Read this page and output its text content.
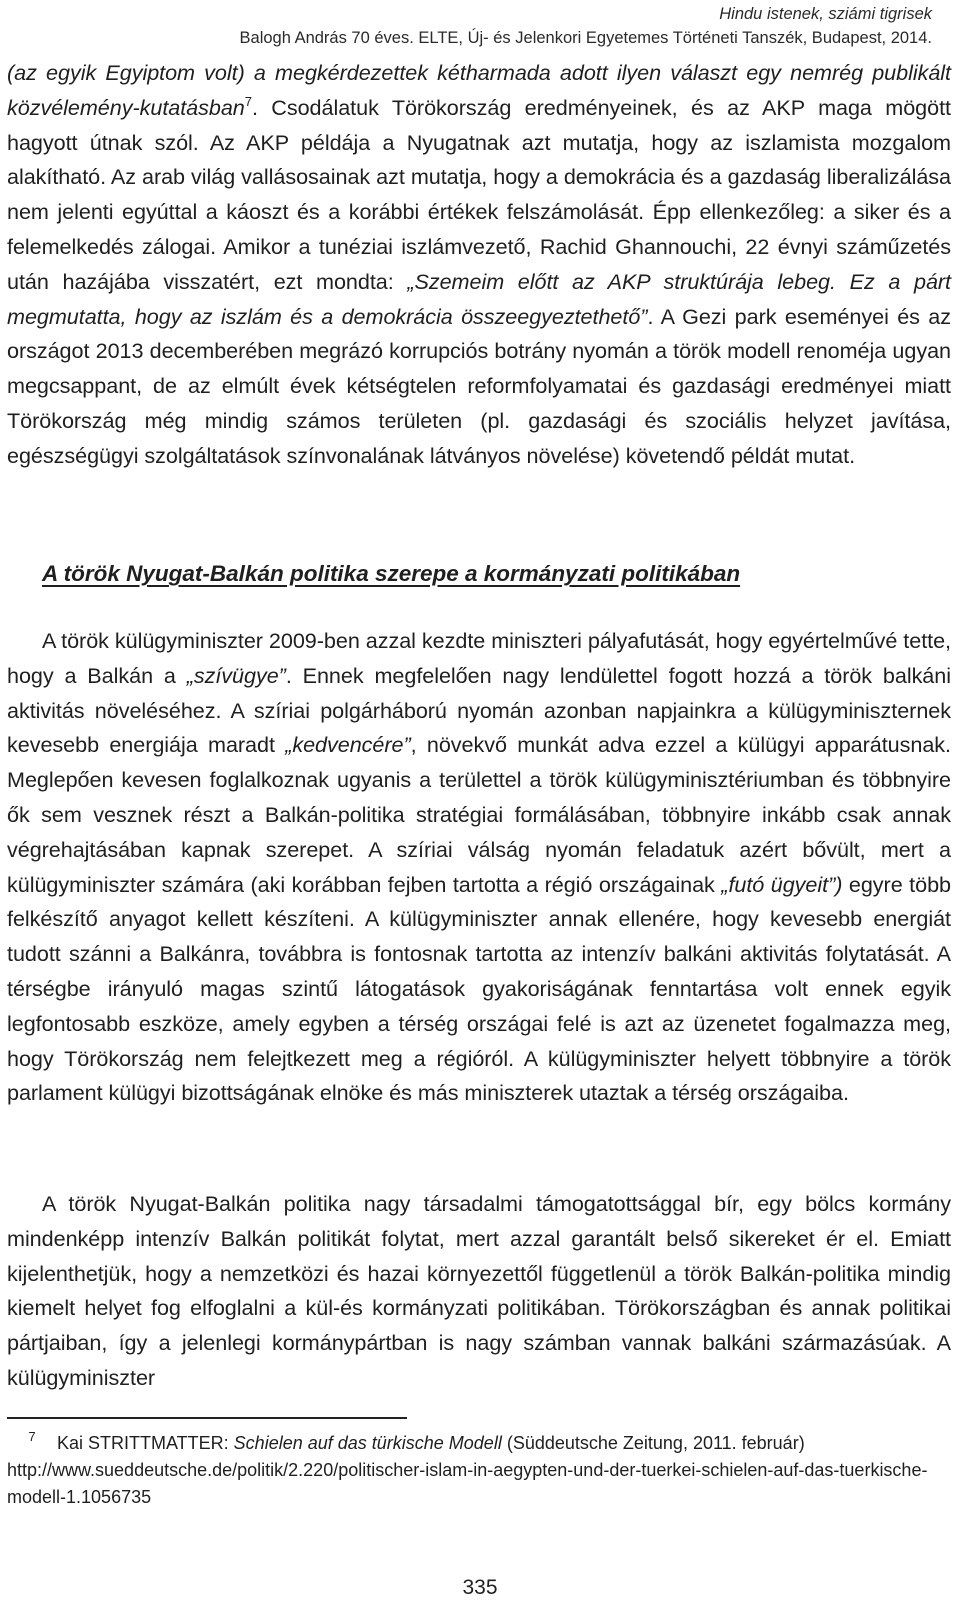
Hindu istenek, sziámi tigrisek
Balogh András 70 éves. ELTE, Új- és Jelenkori Egyetemes Történeti Tanszék, Budapest, 2014.

(az egyik Egyiptom volt) a megkérdezettek kétharmada adott ilyen választ egy nemrég publikált közvélemény-kutatásban$^7$. Csodálatuk Törökország eredményeinek, és az AKP maga mögött hagyott útnak szól. Az AKP példája a Nyugatnak azt mutatja, hogy az iszlamista mozgalom alakítható. Az arab világ vallásosainak azt mutatja, hogy a demokrácia és a gazdaság liberalizálása nem jelenti egyúttal a káoszt és a korábbi értékek felszámolását. Épp ellenkezőleg: a siker és a felemelkedés zálogai. Amikor a tunéziai iszlámvezető, Rachid Ghannouchi, 22 évnyi száműzetés után hazájába visszatért, ezt mondta: „Szemeim előtt az AKP struktúrája lebeg. Ez a párt megmutatta, hogy az iszlám és a demokrácia összeegyeztethető”. A Gezi park eseményei és az országot 2013 decemberében megrázó korrupciós botrány nyomán a török modell renoméja ugyan megcsappant, de az elmúlt évek kétségtelen reformfolyamatai és gazdasági eredményei miatt Törökország még mindig számos területen (pl. gazdasági és szociális helyzet javítása, egészségügyi szolgáltatások színvonalának látványos növelése) követendő példát mutat.

A török Nyugat-Balkán politika szerepe a kormányzati politikában

A török külügyminiszter 2009-ben azzal kezdte miniszteri pályafutását, hogy egyértelművé tette, hogy a Balkán a „szívügye”. Ennek megfelelően nagy lendülettel fogott hozzá a török balkáni aktivitás növeléséhez. A szíriai polgárháború nyomán azonban napjainkra a külügyminiszternek kevesebb energiája maradt „kedvencére”, növekvő munkát adva ezzel a külügyi apparátusnak. Meglepően kevesen foglalkoznak ugyanis a területtel a török külügyminisztériumban és többnyire ők sem vesznek részt a Balkán-politika stratégiai formálásában, többnyire inkább csak annak végrehajtásában kapnak szerepet. A szíriai válság nyomán feladatuk azért bővült, mert a külügyminiszter számára (aki korábban fejben tartotta a régió országainak „futó ügyeit”) egyre több felkészítő anyagot kellett készíteni. A külügyminiszter annak ellenére, hogy kevesebb energiát tudott szánni a Balkánra, továbbra is fontosnak tartotta az intenzív balkáni aktivitás folytatását. A térségbe irányuló magas szintű látogatások gyakoriságának fenntartása volt ennek egyik legfontosabb eszköze, amely egyben a térség országai felé is azt az üzenetet fogalmazza meg, hogy Törökország nem felejtkezett meg a régióról. A külügyminiszter helyett többnyire a török parlament külügyi bizottságának elnöke és más miniszterek utaztak a térség országaiba.

A török Nyugat-Balkán politika nagy társadalmi támogatottsággal bír, egy bölcs kormány mindenképp intenzív Balkán politikát folytat, mert azzal garantált belső sikereket ér el. Emiatt kijelenthetjük, hogy a nemzetközi és hazai környezettől függetlenül a török Balkán-politika mindig kiemelt helyet fog elfoglalni a kül-és kormányzati politikában. Törökországban és annak politikai pártjaiban, így a jelenlegi kormánypártban is nagy számban vannak balkáni származásúak. A külügyminiszter

7 Kai STRITTMATTER: Schielen auf das türkische Modell (Süddeutsche Zeitung, 2011. február)
http://www.sueddeutsche.de/politik/2.220/politischer-islam-in-aegypten-und-der-tuerkei-schielen-auf-das-tuerkische-modell-1.1056735
335
